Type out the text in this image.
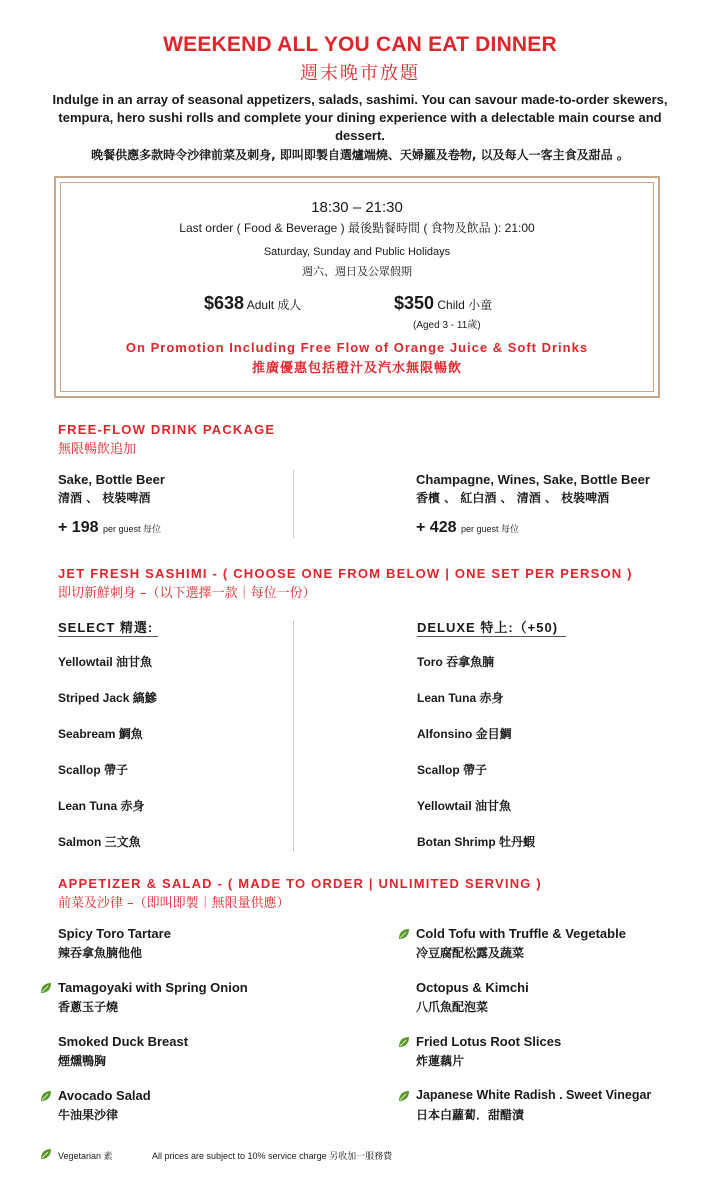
WEEKEND ALL YOU CAN EAT DINNER
週末晚市放題
Indulge in an array of seasonal appetizers, salads, sashimi. You can savour made-to-order skewers, tempura, hero sushi rolls and complete your dining experience with a delectable main course and dessert.
晚餐供應多款時令沙律前菜及刺身, 即叫即製自選爐端燒、天婦羅及卷物, 以及每人一客主食及甜品 。
18:30 – 21:30
Last order ( Food & Beverage ) 最後點餐時間 ( 食物及飲品 ): 21:00
Saturday, Sunday and Public Holidays
週六、週日及公眾假期
$638 Adult 成人	$350 Child 小童
(Aged 3 - 11歲)
On Promotion Including Free Flow of Orange Juice & Soft Drinks
推廣優惠包括橙汁及汽水無限暢飲
FREE-FLOW DRINK PACKAGE
無限暢飲追加
Sake, Bottle Beer
清酒 、 枝裝啤酒
+ 198 per guest 每位
Champagne, Wines, Sake, Bottle Beer
香檳 、 紅白酒 、 清酒 、 枝裝啤酒
+ 428 per guest 每位
JET FRESH SASHIMI - ( CHOOSE ONE FROM BELOW | ONE SET PER PERSON )
即切新鮮刺身 –（以下選擇一款｜每位一份）
SELECT 精選:	DELUXE 特上:（+50)
Yellowtail 油甘魚
Striped Jack 縞鰺
Seabream 鯛魚
Scallop 帶子
Lean Tuna 赤身
Salmon 三文魚
Toro 吞拿魚腩
Lean Tuna 赤身
Alfonsino 金目鯛
Scallop 帶子
Yellowtail 油甘魚
Botan Shrimp 牡丹蝦
APPETIZER & SALAD - ( MADE TO ORDER | UNLIMITED SERVING )
前菜及沙律 –（即叫即製｜無限量供應）
Spicy Toro Tartare
辣吞拿魚腩他他
Tamagoyaki with Spring Onion
香蔥玉子燒
Smoked Duck Breast
煙燻鴨胸
Avocado Salad
牛油果沙律
Cold Tofu with Truffle & Vegetable
冷豆腐配松露及蔬菜
Octopus & Kimchi
八爪魚配泡菜
Fried Lotus Root Slices
炸蓮藕片
Japanese White Radish . Sweet Vinegar
日本白蘿蔔．甜醋漬
Vegetarian 素	All prices are subject to 10% service charge 另收加一服務費
